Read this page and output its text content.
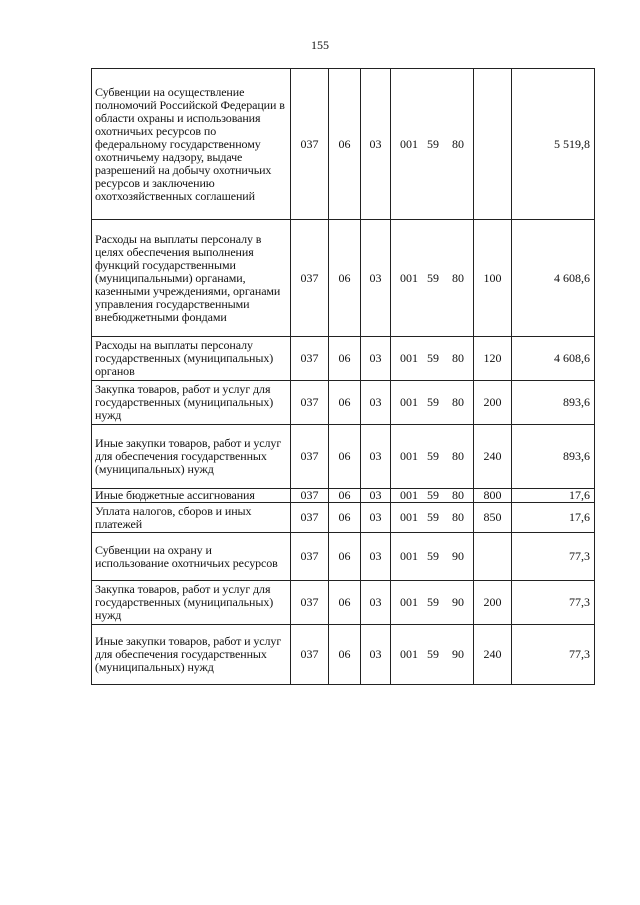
155
Субвенции на осуществление полномочий Российской Федерации в области охраны и использования охотничьих ресурсов по федеральному государственному охотничьему надзору, выдаче разрешений на добычу охотничьих ресурсов и заключению охотхозяйственных соглашений	037	06	03	001 59 80		5 519,8
Расходы на выплаты персоналу в целях обеспечения выполнения функций государственными (муниципальными) органами, казенными учреждениями, органами управления государственными внебюджетными фондами	037	06	03	001 59 80	100	4 608,6
Расходы на выплаты персоналу государственных (муниципальных) органов	037	06	03	001 59 80	120	4 608,6
Закупка товаров, работ и услуг для государственных (муниципальных) нужд	037	06	03	001 59 80	200	893,6
Иные закупки товаров, работ и услуг для обеспечения государственных (муниципальных) нужд	037	06	03	001 59 80	240	893,6
Иные бюджетные ассигнования	037	06	03	001 59 80	800	17,6
Уплата налогов, сборов и иных платежей	037	06	03	001 59 80	850	17,6
Субвенции на охрану и использование охотничьих ресурсов	037	06	03	001 59 90		77,3
Закупка товаров, работ и услуг для государственных (муниципальных) нужд	037	06	03	001 59 90	200	77,3
Иные закупки товаров, работ и услуг для обеспечения государственных (муниципальных) нужд	037	06	03	001 59 90	240	77,3
